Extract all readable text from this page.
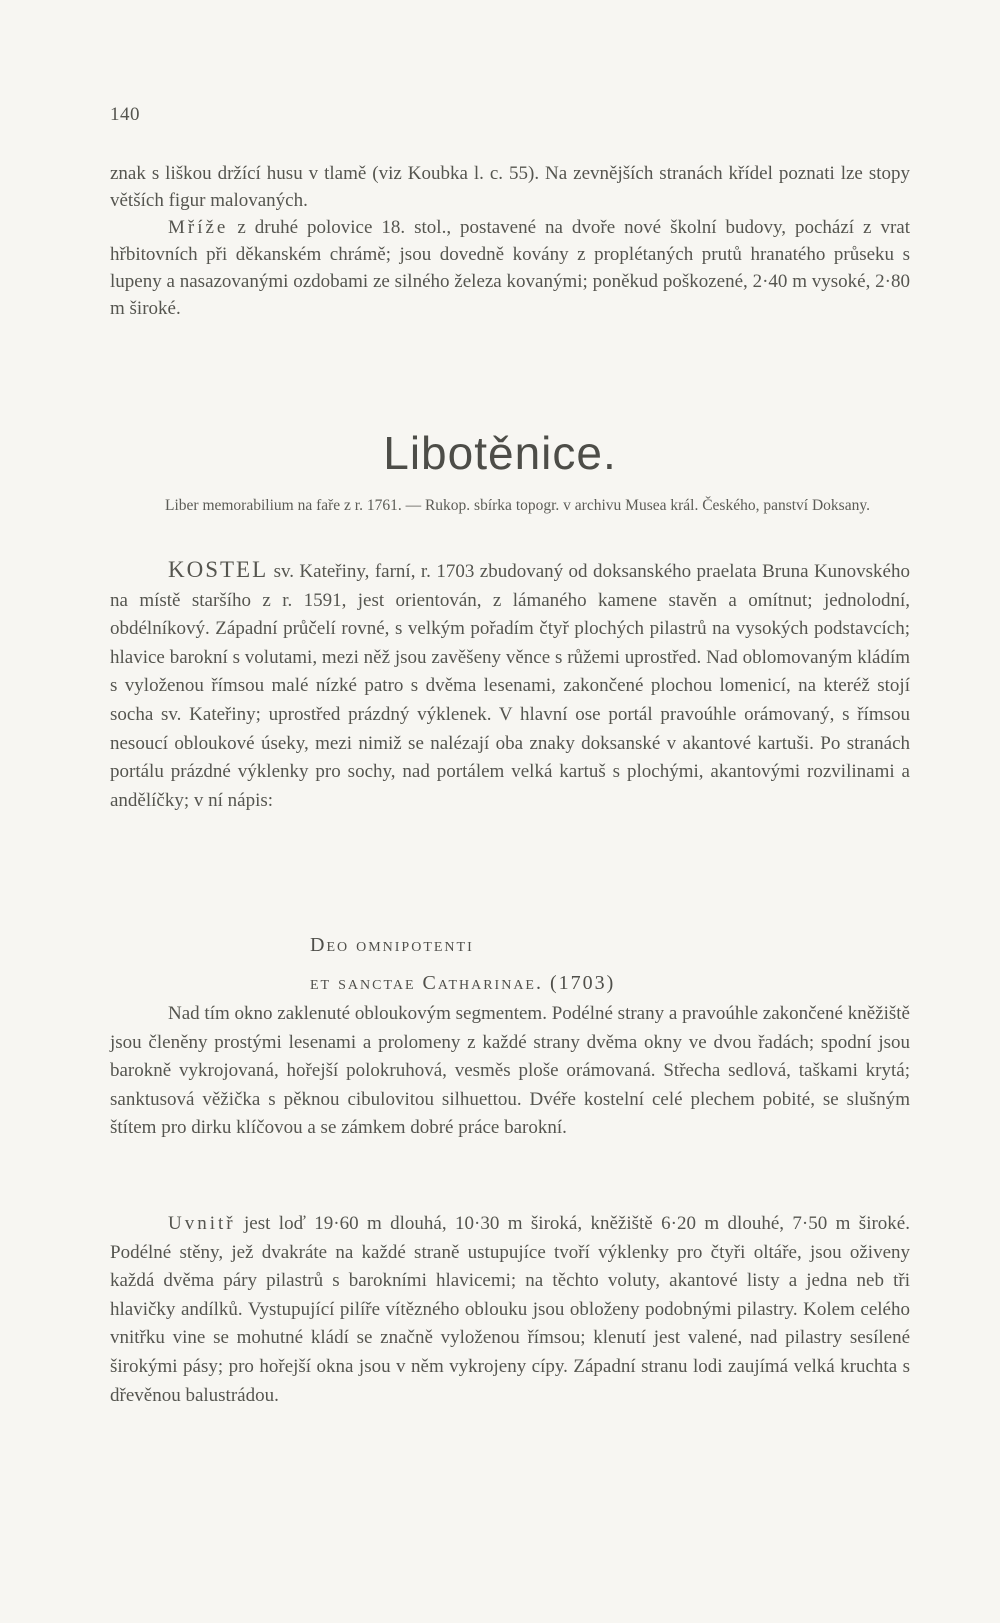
140

znak s liškou držící husu v tlamě (viz Koubka l. c. 55). Na zevnějších stranách křídel poznati lze stopy větších figur malovaných.
Mříže z druhé polovice 18. stol., postavené na dvoře nové školní budovy, pochází z vrat hřbitovních při děkanském chrámě; jsou dovedně kovány z proplétaných prutů hranatého průseku s lupeny a nasazovanými ozdobami ze silného železa kovanými; poněkud poškozené, 2·40 m vysoké, 2·80 m široké.

Libotěnice.

Liber memorabilium na faře z r. 1761. — Rukop. sbírka topogr. v archivu Musea král. Českého, panství Doksany.

KOSTEL sv. Kateřiny, farní, r. 1703 zbudovaný od doksanského praelata Bruna Kunovského na místě staršího z r. 1591, jest orientován, z lámaného kamene stavěn a omítnut; jednolodní, obdélníkový. Západní průčelí rovné, s velkým pořadím čtyř plochých pilastrů na vysokých podstavcích; hlavice barokní s volutami, mezi něž jsou zavěšeny věnce s růžemi uprostřed. Nad oblomovaným kládím s vyloženou římsou malé nízké patro s dvěma lesenami, zakončené plochou lomenicí, na kteréž stojí socha sv. Kateřiny; uprostřed prázdný výklenek. V hlavní ose portál pravoúhle orámovaný, s římsou nesoucí obloukové úseky, mezi nimiž se nalézají oba znaky doksanské v akantové kartuši. Po stranách portálu prázdné výklenky pro sochy, nad portálem velká kartuš s plochými, akantovými rozvilinami a andělíčky; v ní nápis:

Deo omnipotenti
et sanctae Catharinae. (1703)

Nad tím okno zaklenuté obloukovým segmentem. Podélné strany a pravoúhle zakončené kněžiště jsou členěny prostými lesenami a prolomeny z každé strany dvěma okny ve dvou řadách; spodní jsou barokně vykrojovaná, hořejší polokruhová, vesměs ploše orámovaná. Střecha sedlová, taškami krytá; sanktusová věžička s pěknou cibulovitou silhuettou. Dvéře kostelní celé plechem pobité, se slušným štítem pro dirku klíčovou a se zámkem dobré práce barokní.

Uvnitř jest loď 19·60 m dlouhá, 10·30 m široká, kněžiště 6·20 m dlouhé, 7·50 m široké. Podélné stěny, jež dvakráte na každé straně ustupujíce tvoří výklenky pro čtyři oltáře, jsou oživeny každá dvěma páry pilastrů s barokními hlavicemi; na těchto voluty, akantové listy a jedna neb tři hlavičky andílků. Vystupující pilíře vítězného oblouku jsou obloženy podobnými pilastry. Kolem celého vnitřku vine se mohutné kládí se značně vyloženou římsou; klenutí jest valené, nad pilastry sesílené širokými pásy; pro hořejší okna jsou v něm vykrojeny cípy. Západní stranu lodi zaujímá velká kruchta s dřevěnou balustrádou.
